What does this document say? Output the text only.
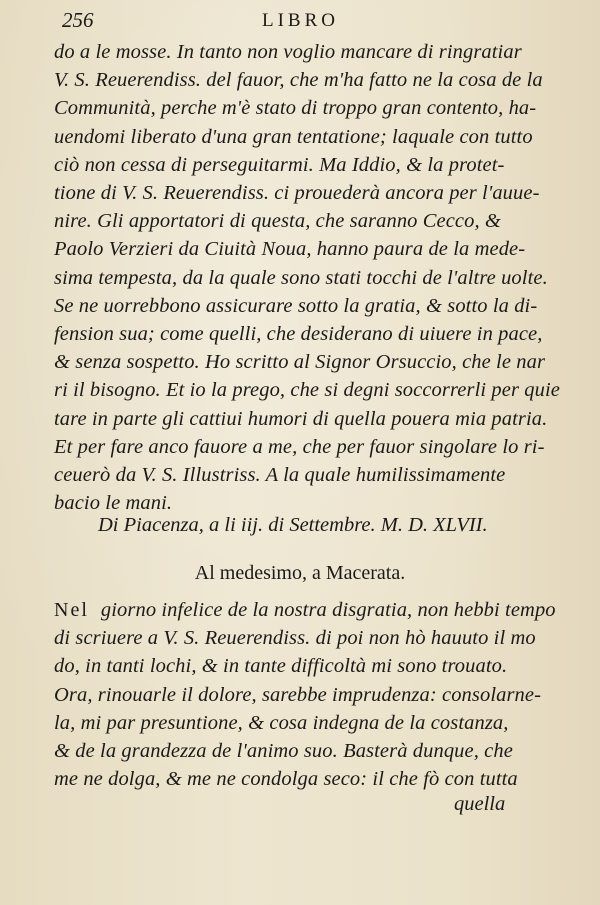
256	LIBRO
do a le mosse. In tanto non voglio mancare di ringratiar
V. S. Reuerendiss. del fauor, che m'ha fatto ne la cosa de la
Communità, perche m'è stato di troppo gran contento, ha-
uendomi liberato d'una gran tentatione; laquale con tutto
ciò non cessa di perseguitarmi. Ma Iddio, & la protet-
tione di V. S. Reuerendiss. ci prouederà ancora per l'auue-
nire. Gli apportatori di questa, che saranno Cecco, &
Paolo Verzieri da Ciuità Noua, hanno paura de la mede-
sima tempesta, da la quale sono stati tocchi de l'altre uolte.
Se ne uorrebbono assicurare sotto la gratia, & sotto la di-
fension sua; come quelli, che desiderano di uiuere in pace,
& senza sospetto. Ho scritto al Signor Orsuccio, che le nar
ri il bisogno. Et io la prego, che si degni soccorrerli per quie
tare in parte gli cattiui humori di quella pouera mia patria.
Et per fare anco fauore a me, che per fauor singolare lo ri-
ceuerò da V. S. Illustriss. A la quale humilissimamente
bacio le mani.
Di Piacenza, a li iij. di Settembre. M. D. XLVII.
Al medesimo, a Macerata.
Nel giorno infelice de la nostra disgratia, non hebbi tempo
di scriuere a V. S. Reuerendiss. di poi non hò hauuto il mo
do, in tanti lochi, & in tante difficoltà mi sono trouato.
Ora, rinouarle il dolore, sarebbe imprudenza: consolarne-
la, mi par presuntione, & cosa indegna de la costanza,
& de la grandezza de l'animo suo. Basterà dunque, che
me ne dolga, & me ne condolga seco: il che fò con tutta
quella
